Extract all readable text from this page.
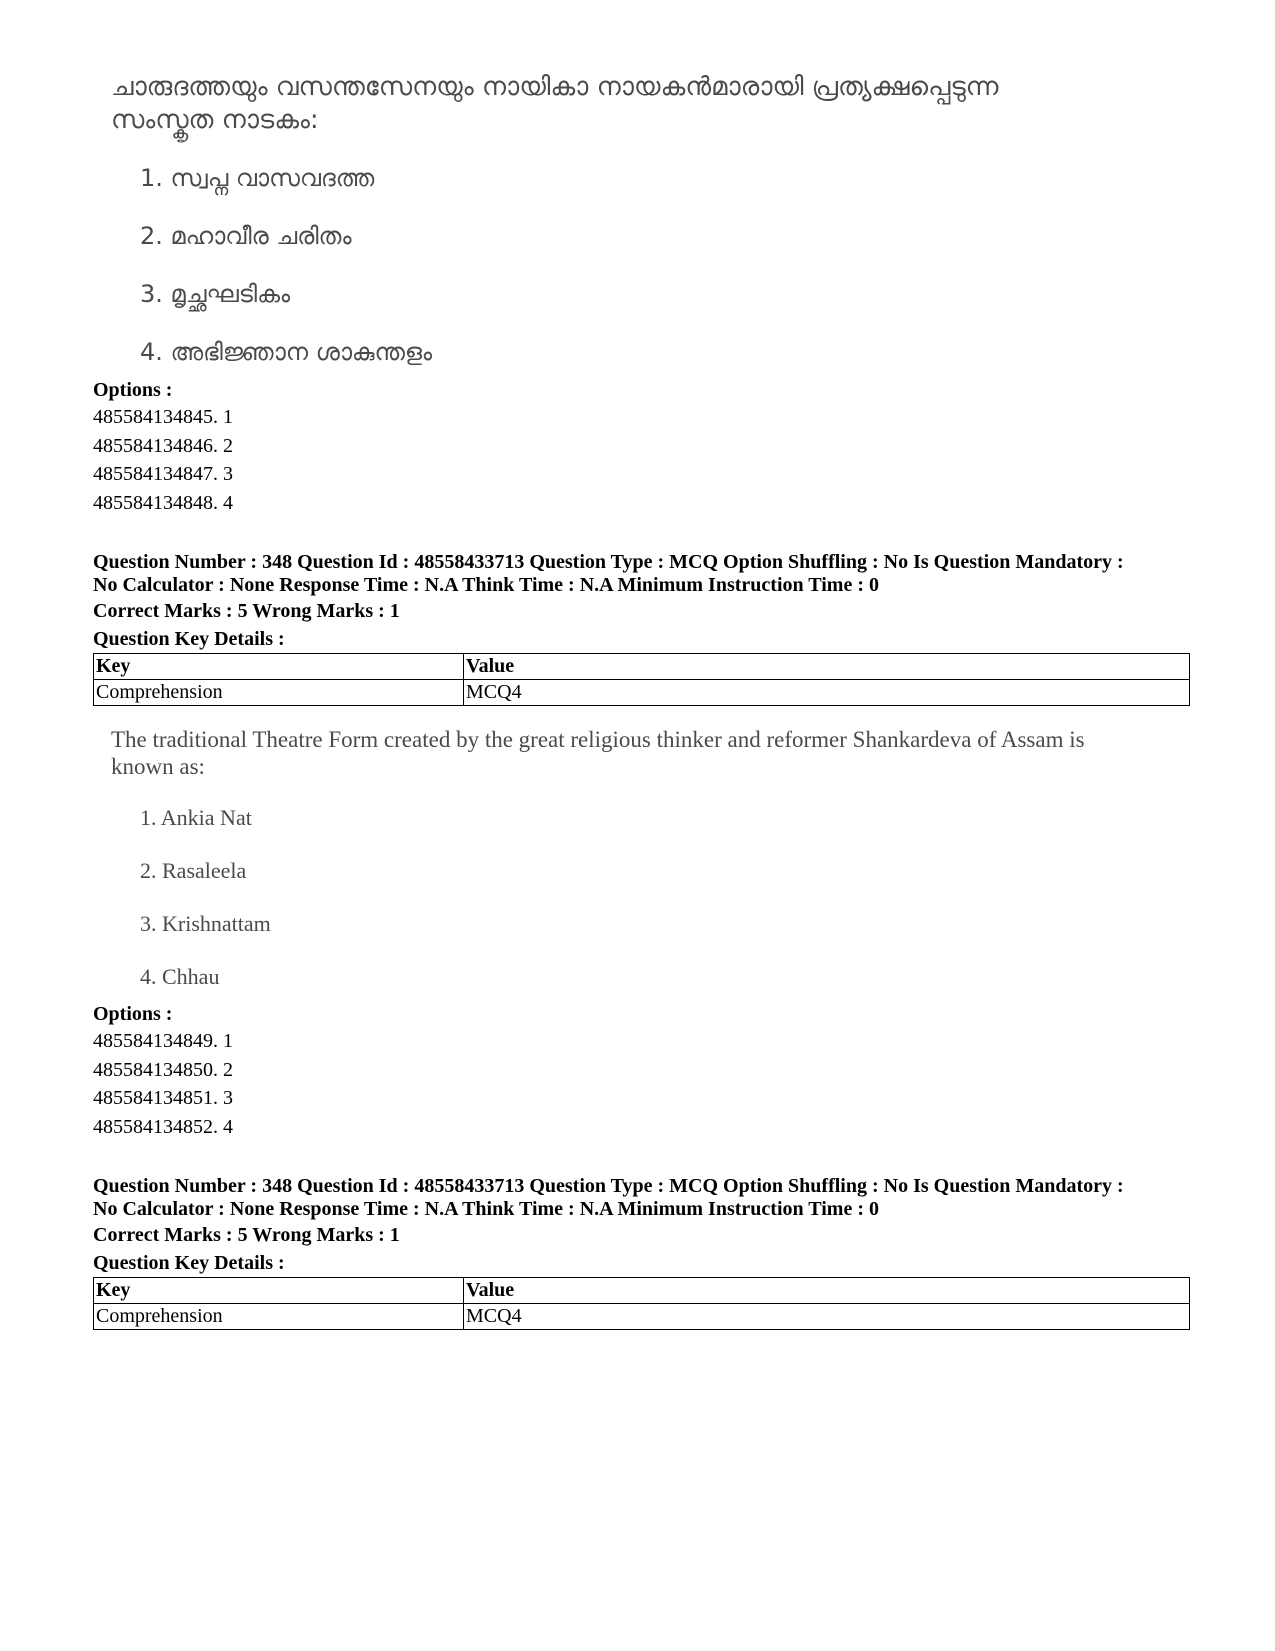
ചാരുദത്തയും വസന്തസേനയും നായികാ നായകൻമാരായി പ്രത്യക്ഷപ്പെടുന്ന സംസ്കൃത നാടകം:

1. സ്വപ്ന വാസവദത്ത
2. മഹാവീര ചരിതം
3. മൃച്ഛഘടികം
4. അഭിജ്ഞാന ശാകുന്തളം

Options :

485584134845. 1
485584134846. 2
485584134847. 3
485584134848. 4

Question Number : 348 Question Id : 48558433713 Question Type : MCQ Option Shuffling : No Is Question Mandatory :

No Calculator : None Response Time : N.A Think Time : N.A Minimum Instruction Time : 0

Correct Marks : 5 Wrong Marks : 1

Question Key Details :

Key	Value
Comprehension	MCQ4

The traditional Theatre Form created by the great religious thinker and reformer Shankardeva of Assam is known as:

1. Ankia Nat
2. Rasaleela
3. Krishnattam
4. Chhau

Options :

485584134849. 1
485584134850. 2
485584134851. 3
485584134852. 4

Question Number : 348 Question Id : 48558433713 Question Type : MCQ Option Shuffling : No Is Question Mandatory :

No Calculator : None Response Time : N.A Think Time : N.A Minimum Instruction Time : 0

Correct Marks : 5 Wrong Marks : 1

Question Key Details :

Key	Value
Comprehension	MCQ4
